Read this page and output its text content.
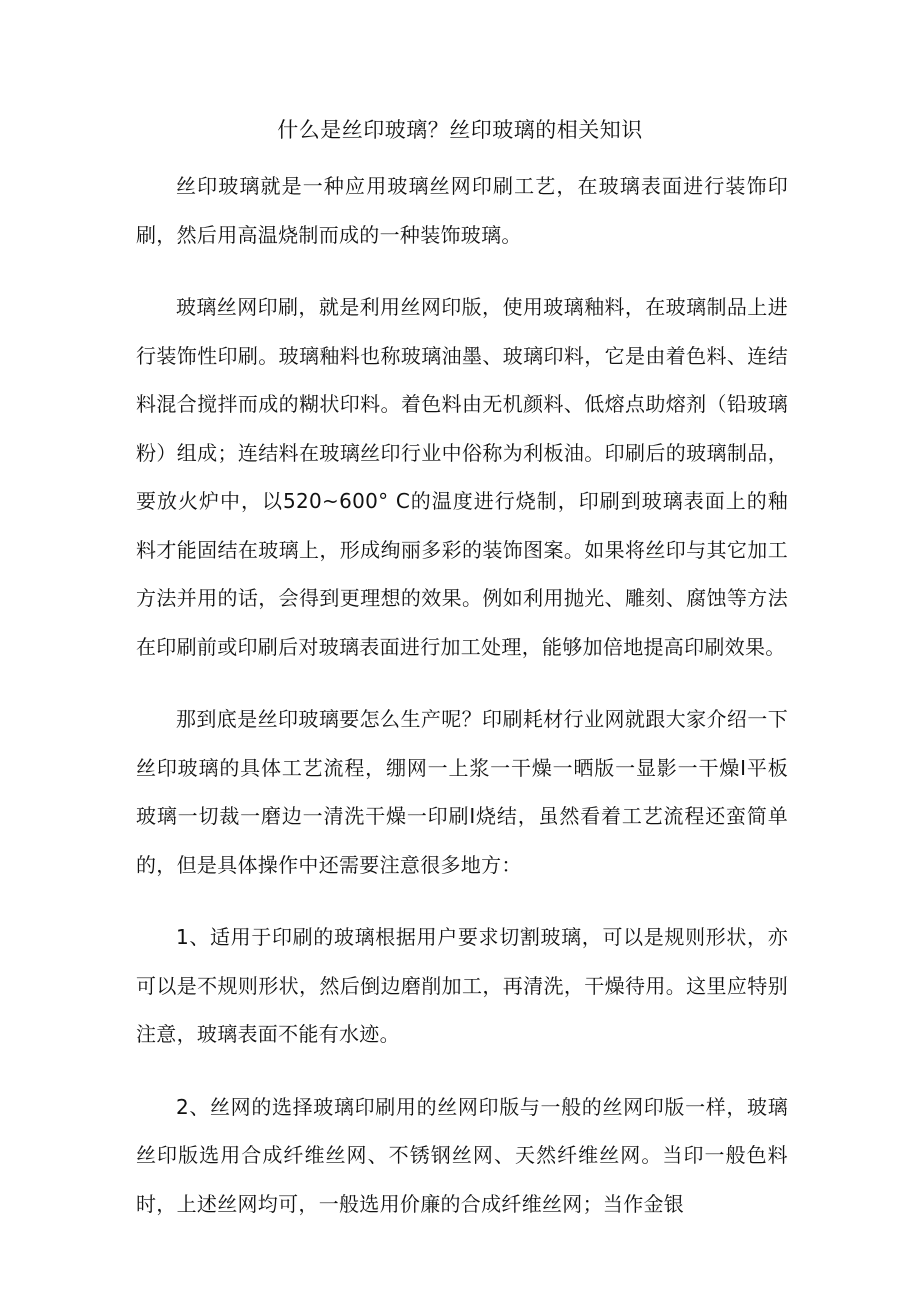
什么是丝印玻璃？丝印玻璃的相关知识

丝印玻璃就是一种应用玻璃丝网印刷工艺，在玻璃表面进行装饰印刷，然后用高温烧制而成的一种装饰玻璃。

玻璃丝网印刷，就是利用丝网印版，使用玻璃釉料，在玻璃制品上进行装饰性印刷。玻璃釉料也称玻璃油墨、玻璃印料，它是由着色料、连结料混合搅拌而成的糊状印料。着色料由无机颜料、低熔点助熔剂（铅玻璃粉）组成；连结料在玻璃丝印行业中俗称为利板油。印刷后的玻璃制品，要放火炉中，以520~600° C的温度进行烧制，印刷到玻璃表面上的釉料才能固结在玻璃上，形成绚丽多彩的装饰图案。如果将丝印与其它加工方法并用的话，会得到更理想的效果。例如利用抛光、雕刻、腐蚀等方法在印刷前或印刷后对玻璃表面进行加工处理，能够加倍地提高印刷效果。

那到底是丝印玻璃要怎么生产呢？印刷耗材行业网就跟大家介绍一下丝印玻璃的具体工艺流程，绷网一上浆一干燥一晒版一显影一干燥I平板玻璃一切裁一磨边一清洗干燥一印刷I烧结，虽然看着工艺流程还蛮简单的，但是具体操作中还需要注意很多地方：

1、适用于印刷的玻璃根据用户要求切割玻璃，可以是规则形状，亦可以是不规则形状，然后倒边磨削加工，再清洗，干燥待用。这里应特别注意，玻璃表面不能有水迹。

2、丝网的选择玻璃印刷用的丝网印版与一般的丝网印版一样，玻璃丝印版选用合成纤维丝网、不锈钢丝网、天然纤维丝网。当印一般色料时，上述丝网均可，一般选用价廉的合成纤维丝网；当作金银
